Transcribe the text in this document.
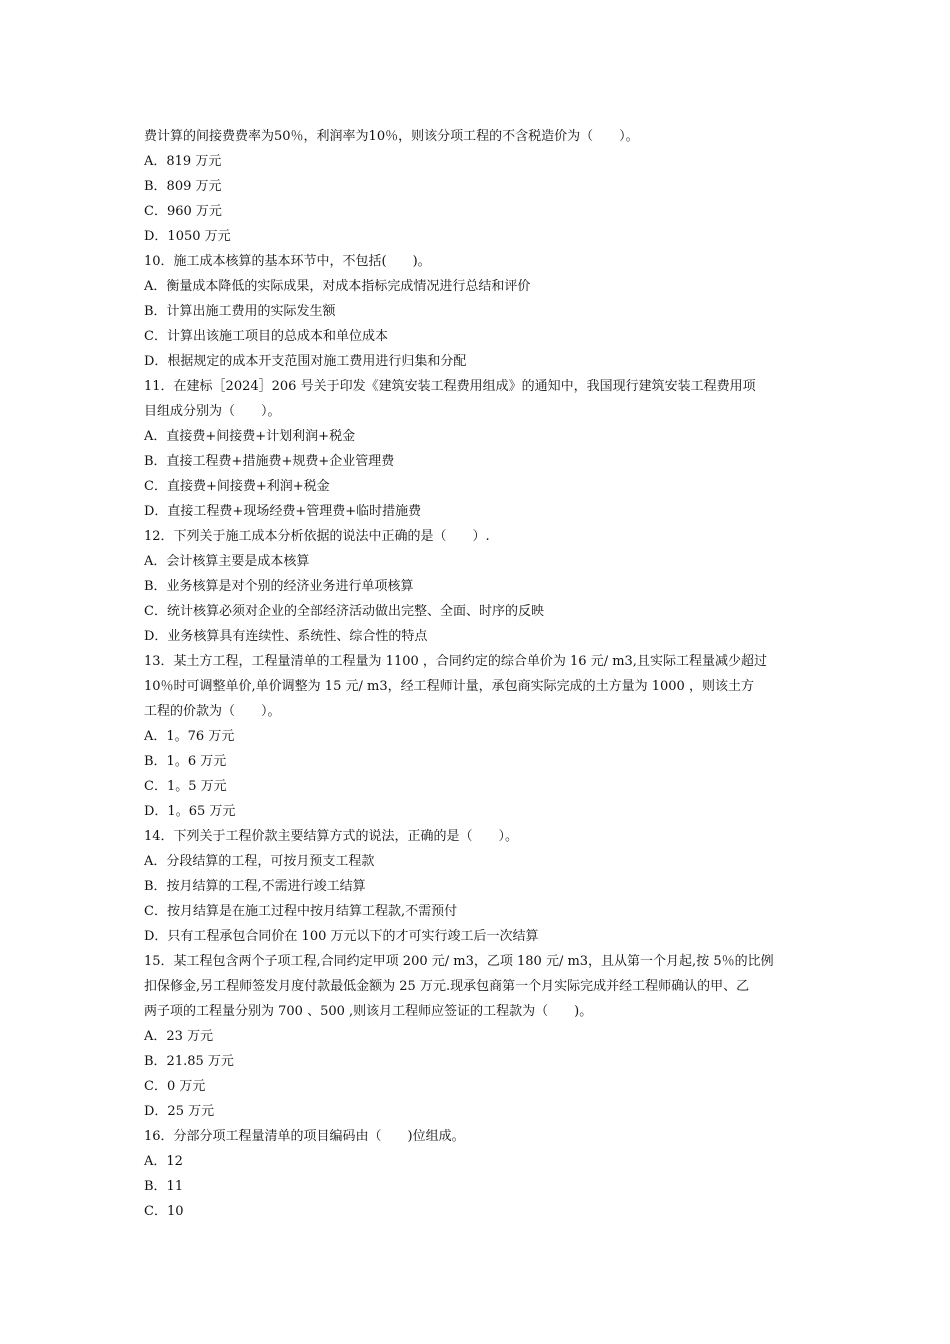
费计算的间接费费率为50％，利润率为10％，则该分项工程的不含税造价为（　　）。
A．819 万元
B．809 万元
C．960 万元
D．1050 万元
10．施工成本核算的基本环节中，不包括(　　)。
A．衡量成本降低的实际成果，对成本指标完成情况进行总结和评价
B．计算出施工费用的实际发生额
C．计算出该施工项目的总成本和单位成本
D．根据规定的成本开支范围对施工费用进行归集和分配
11．在建标［2024］206 号关于印发《建筑安装工程费用组成》的通知中，我国现行建筑安装工程费用项
目组成分别为（　　）。
A．直接费+间接费+计划利润+税金
B．直接工程费+措施费+规费+企业管理费
C．直接费+间接费+利润+税金
D．直接工程费+现场经费+管理费+临时措施费
12．下列关于施工成本分析依据的说法中正确的是（　　）.
A．会计核算主要是成本核算
B．业务核算是对个别的经济业务进行单项核算
C．统计核算必须对企业的全部经济活动做出完整、全面、时序的反映
D．业务核算具有连续性、系统性、综合性的特点
13．某土方工程，工程量清单的工程量为 1100 ，合同约定的综合单价为 16 元/ m3,且实际工程量减少超过
10％时可调整单价,单价调整为 15 元/ m3，经工程师计量，承包商实际完成的土方量为 1000 ，则该土方
工程的价款为（　　）。
A．1。76 万元
B．1。6 万元
C．1。5 万元
D．1。65 万元
14．下列关于工程价款主要结算方式的说法，正确的是（　　）。
A．分段结算的工程，可按月预支工程款
B．按月结算的工程,不需进行竣工结算
C．按月结算是在施工过程中按月结算工程款,不需预付
D．只有工程承包合同价在 100 万元以下的才可实行竣工后一次结算
15．某工程包含两个子项工程,合同约定甲项 200 元/ m3，乙项 180 元/ m3，且从第一个月起,按 5％的比例
扣保修金,另工程师签发月度付款最低金额为 25 万元.现承包商第一个月实际完成并经工程师确认的甲、乙
两子项的工程量分别为 700 、500 ,则该月工程师应签证的工程款为（　　)。
A．23 万元
B．21.85 万元
C．0 万元
D．25 万元
16．分部分项工程量清单的项目编码由（　　)位组成。
A．12
B．11
C．10
